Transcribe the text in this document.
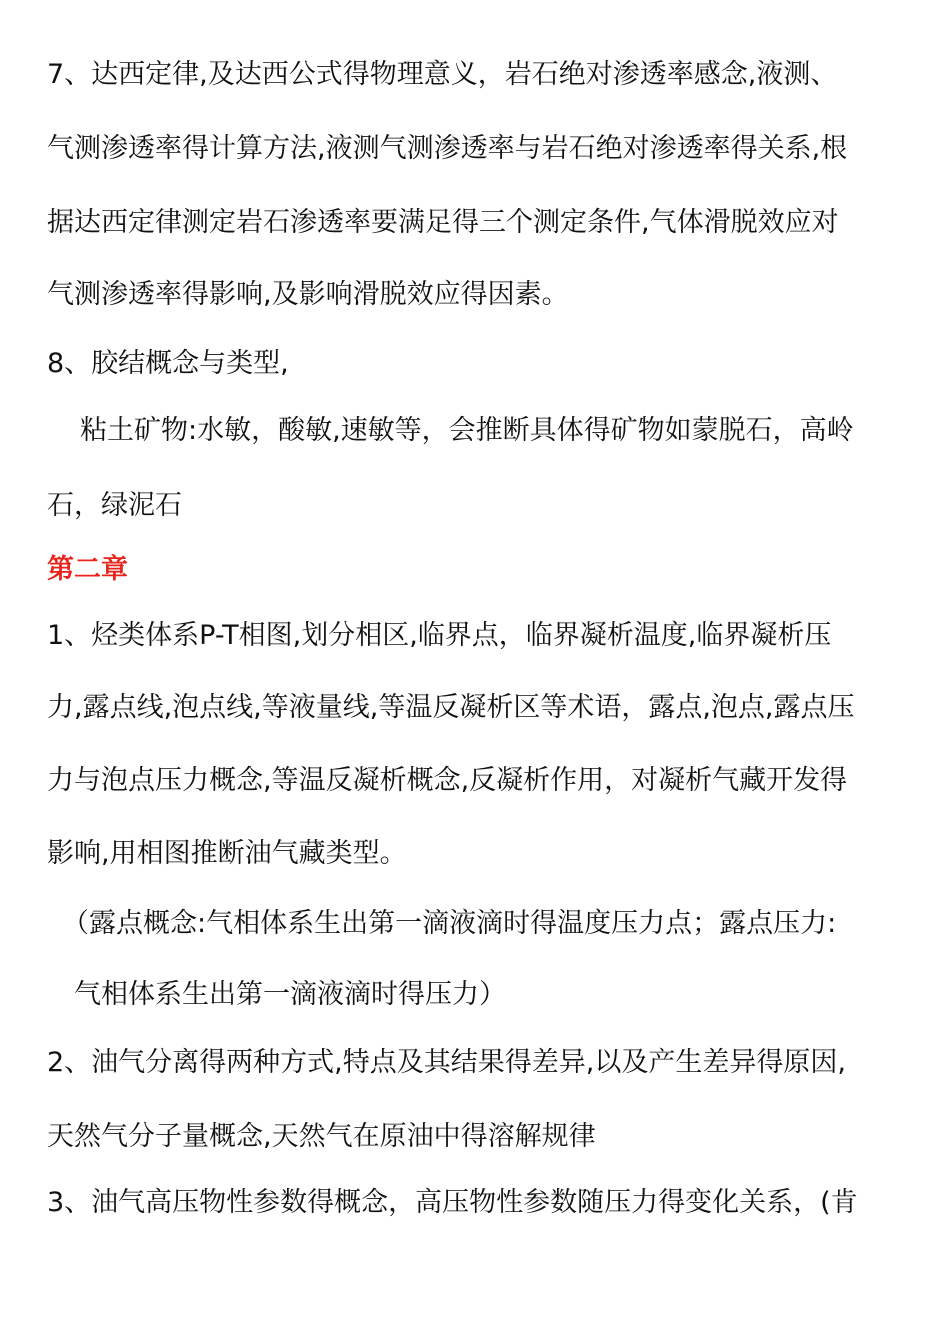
7、达西定律,及达西公式得物理意义，岩石绝对渗透率感念,液测、
气测渗透率得计算方法,液测气测渗透率与岩石绝对渗透率得关系,根
据达西定律测定岩石渗透率要满足得三个测定条件,气体滑脱效应对
气测渗透率得影响,及影响滑脱效应得因素。
8、胶结概念与类型,
粘土矿物:水敏，酸敏,速敏等，会推断具体得矿物如蒙脱石，高岭
石，绿泥石
第二章
1、烃类体系P-T相图,划分相区,临界点，临界凝析温度,临界凝析压
力,露点线,泡点线,等液量线,等温反凝析区等术语，露点,泡点,露点压
力与泡点压力概念,等温反凝析概念,反凝析作用，对凝析气藏开发得
影响,用相图推断油气藏类型。
（露点概念:气相体系生出第一滴液滴时得温度压力点；露点压力:
气相体系生出第一滴液滴时得压力）
2、油气分离得两种方式,特点及其结果得差异,以及产生差异得原因,
天然气分子量概念,天然气在原油中得溶解规律
3、油气高压物性参数得概念，高压物性参数随压力得变化关系，(肯
